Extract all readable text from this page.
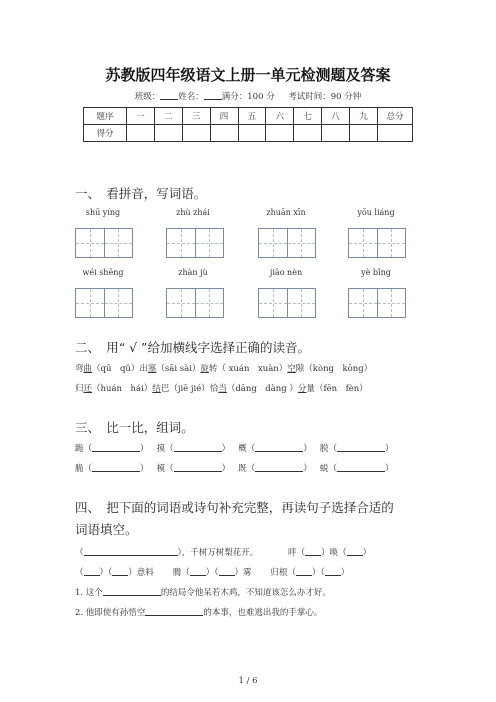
苏教版四年级语文上册一单元检测题及答案
班级： 姓名： 满分：100 分 考试时间：90 分钟
题序	一	二	三	四	五	六	七	八	九	总分
得分										
一、　看拼音，写词语。
shū yíng	zhù zhái	zhuān xīn	yōu liáng
wéi shēng	zhàn jù	jiāo nèn	yè bǐng
二、　用“ √ ”给加横线字选择正确的读音。
弯曲（qū　qǔ）出塞（sāi sài）旋转（ xuán　xuàn）空隙（kòng　kōng）
归还（huán　hái）结巴（jiē jié）恰当（dāng　dàng ）分量（fēn　fèn）
三、　比一比，组词。
跪（	）   摸（	）   概（	）   脱（	）
脆（	）   模（	）   既（	）   蜕（	）
四、　把下面的词语或诗句补充完整，再读句子选择合适的
词语填空。
（	），千树万树梨花开。	呼（ ）唤（ ）
（ ）（ ）意料 腾（ ）（ ）雾 归根（ ）（ ）
1. 这个	的结局令他呆若木鸡，不知道该怎么办才好。
2. 他即使有孙悟空	的本事，也难逃出我的手掌心。
1 / 6
